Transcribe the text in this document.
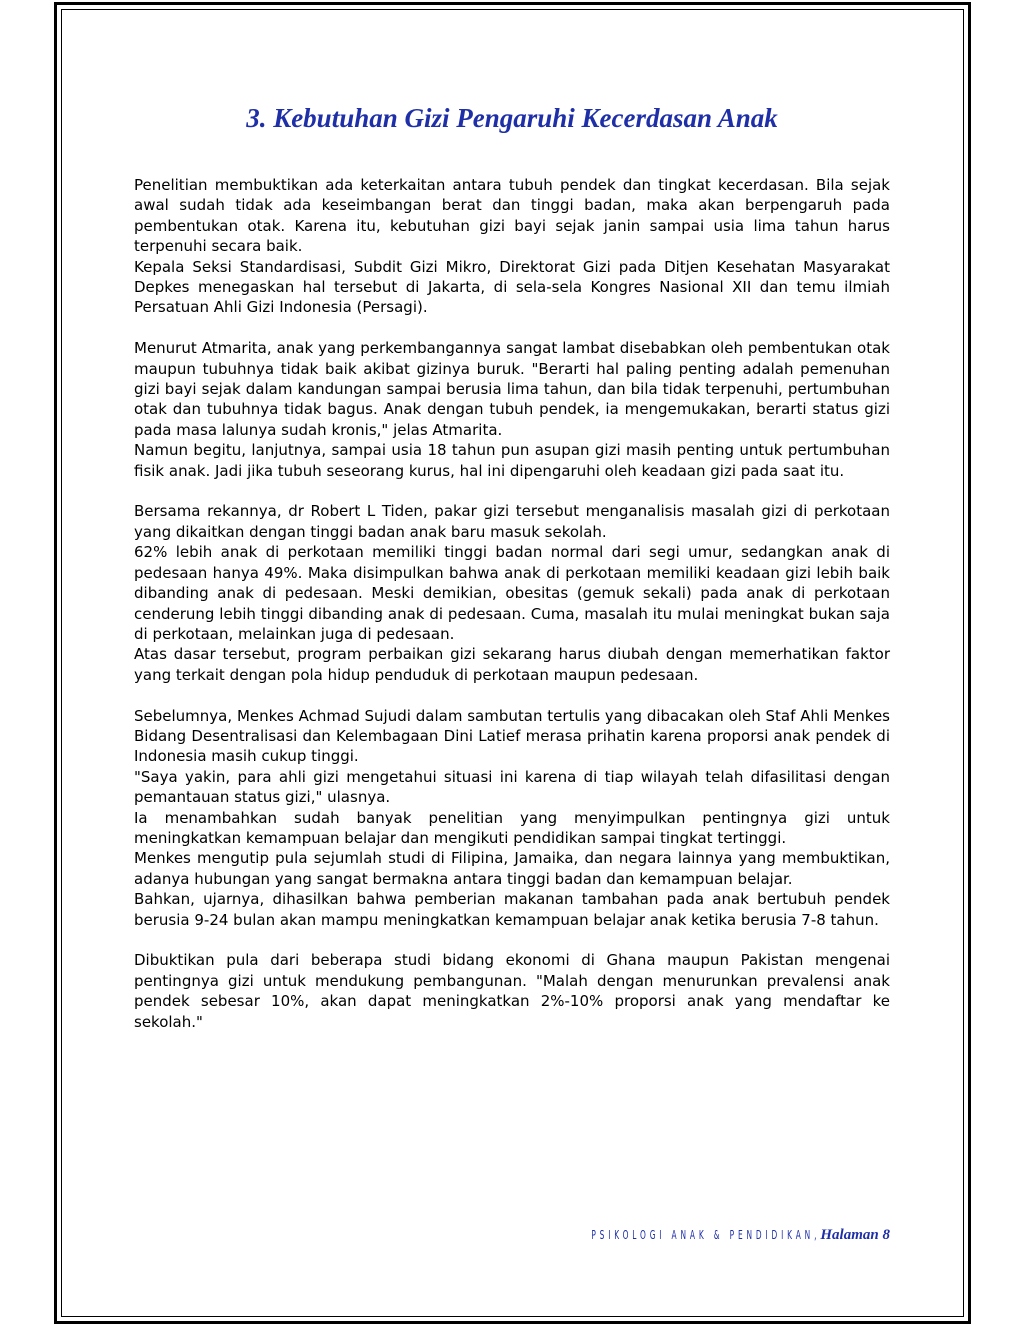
3. Kebutuhan Gizi Pengaruhi Kecerdasan Anak

Penelitian membuktikan ada keterkaitan antara tubuh pendek dan tingkat kecerdasan. Bila sejak awal sudah tidak ada keseimbangan berat dan tinggi badan, maka akan berpengaruh pada pembentukan otak. Karena itu, kebutuhan gizi bayi sejak janin sampai usia lima tahun harus terpenuhi secara baik.

Kepala Seksi Standardisasi, Subdit Gizi Mikro, Direktorat Gizi pada Ditjen Kesehatan Masyarakat Depkes menegaskan hal tersebut di Jakarta, di sela-sela Kongres Nasional XII dan temu ilmiah Persatuan Ahli Gizi Indonesia (Persagi).

Menurut Atmarita, anak yang perkembangannya sangat lambat disebabkan oleh pembentukan otak maupun tubuhnya tidak baik akibat gizinya buruk. "Berarti hal paling penting adalah pemenuhan gizi bayi sejak dalam kandungan sampai berusia lima tahun, dan bila tidak terpenuhi, pertumbuhan otak dan tubuhnya tidak bagus. Anak dengan tubuh pendek, ia mengemukakan, berarti status gizi pada masa lalunya sudah kronis," jelas Atmarita.

Namun begitu, lanjutnya, sampai usia 18 tahun pun asupan gizi masih penting untuk pertumbuhan fisik anak. Jadi jika tubuh seseorang kurus, hal ini dipengaruhi oleh keadaan gizi pada saat itu.

Bersama rekannya, dr Robert L Tiden, pakar gizi tersebut menganalisis masalah gizi di perkotaan yang dikaitkan dengan tinggi badan anak baru masuk sekolah.

62% lebih anak di perkotaan memiliki tinggi badan normal dari segi umur, sedangkan anak di pedesaan hanya 49%. Maka disimpulkan bahwa anak di perkotaan memiliki keadaan gizi lebih baik dibanding anak di pedesaan. Meski demikian, obesitas (gemuk sekali) pada anak di perkotaan cenderung lebih tinggi dibanding anak di pedesaan. Cuma, masalah itu mulai meningkat bukan saja di perkotaan, melainkan juga di pedesaan.

Atas dasar tersebut, program perbaikan gizi sekarang harus diubah dengan memerhatikan faktor yang terkait dengan pola hidup penduduk di perkotaan maupun pedesaan.

Sebelumnya, Menkes Achmad Sujudi dalam sambutan tertulis yang dibacakan oleh Staf Ahli Menkes Bidang Desentralisasi dan Kelembagaan Dini Latief merasa prihatin karena proporsi anak pendek di Indonesia masih cukup tinggi.

"Saya yakin, para ahli gizi mengetahui situasi ini karena di tiap wilayah telah difasilitasi dengan pemantauan status gizi," ulasnya.

Ia menambahkan sudah banyak penelitian yang menyimpulkan pentingnya gizi untuk meningkatkan kemampuan belajar dan mengikuti pendidikan sampai tingkat tertinggi.

Menkes mengutip pula sejumlah studi di Filipina, Jamaika, dan negara lainnya yang membuktikan, adanya hubungan yang sangat bermakna antara tinggi badan dan kemampuan belajar.

Bahkan, ujarnya, dihasilkan bahwa pemberian makanan tambahan pada anak bertubuh pendek berusia 9-24 bulan akan mampu meningkatkan kemampuan belajar anak ketika berusia 7-8 tahun.

Dibuktikan pula dari beberapa studi bidang ekonomi di Ghana maupun Pakistan mengenai pentingnya gizi untuk mendukung pembangunan. "Malah dengan menurunkan prevalensi anak pendek sebesar 10%, akan dapat meningkatkan 2%-10% proporsi anak yang mendaftar ke sekolah."

PSIKOLOGI ANAK & PENDIDIKAN, Halaman 8
